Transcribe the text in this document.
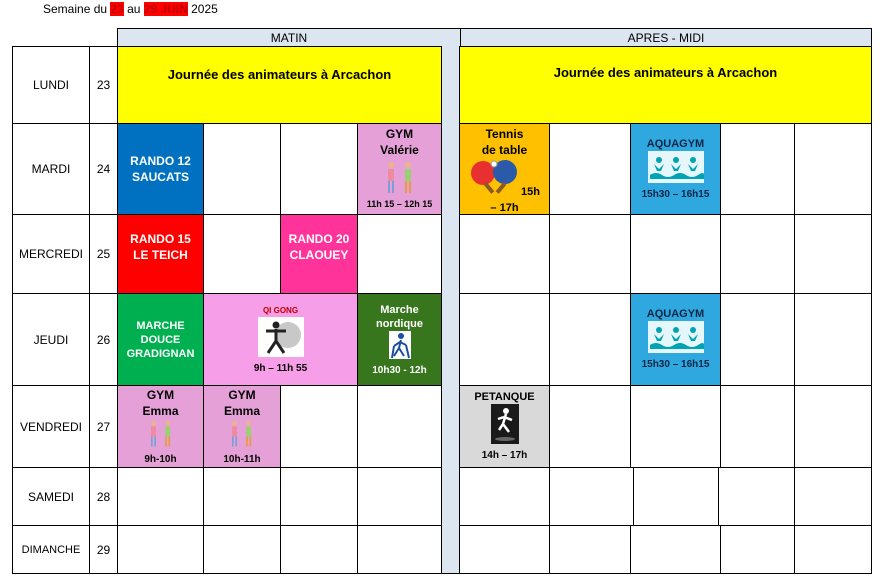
Semaine du 23 au 29 JUIN 2025
MATIN	APRES - MIDI
LUNDI 23
MARDI 24
MERCREDI 25
JEUDI 26
VENDREDI 27
SAMEDI 28
DIMANCHE 29
Journée des animateurs à Arcachon	Journée des animateurs à Arcachon
RANDO 12
SAUCATS
GYM
Valérie
11h 15 – 12h 15
Tennis
de table
15h
– 17h
AQUAGYM
15h30 – 16h15
RANDO 15
LE TEICH
RANDO 20
CLAOUEY
MARCHE
DOUCE
GRADIGNAN
QI GONG
9h – 11h 55
Marche
nordique
10h30 - 12h
AQUAGYM
15h30 – 16h15
GYM
Emma
9h-10h
GYM
Emma
10h-11h
PETANQUE
14h – 17h
